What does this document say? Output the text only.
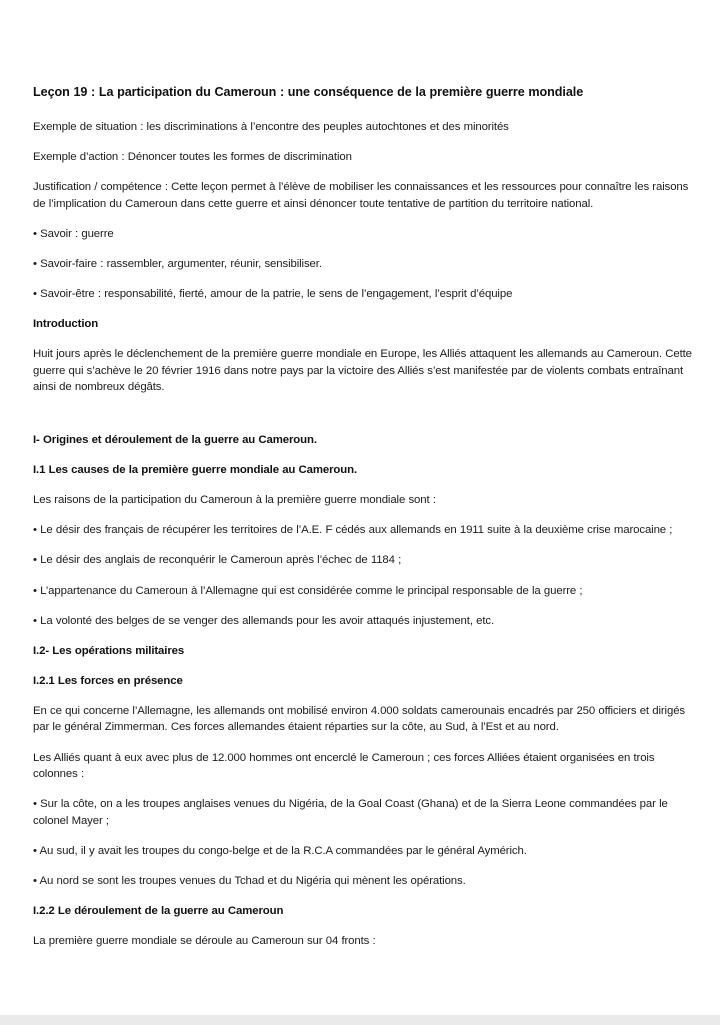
Leçon 19 : La participation du Cameroun : une conséquence de la première guerre mondiale

Exemple de situation : les discriminations à l’encontre des peuples autochtones et des minorités

Exemple d’action : Dénoncer toutes les formes de discrimination

Justification / compétence : Cette leçon permet à l’élève de mobiliser les connaissances et les ressources pour connaître les raisons de l’implication du Cameroun dans cette guerre et ainsi dénoncer toute tentative de partition du territoire national.

• Savoir : guerre

• Savoir-faire : rassembler, argumenter, réunir, sensibiliser.

• Savoir-être : responsabilité, fierté, amour de la patrie, le sens de l’engagement, l’esprit d’équipe

Introduction

Huit jours après le déclenchement de la première guerre mondiale en Europe, les Alliés attaquent les allemands au Cameroun. Cette guerre qui s’achève le 20 février 1916 dans notre pays par la victoire des Alliés s’est manifestée par de violents combats entraînant ainsi de nombreux dégâts.

I- Origines et déroulement de la guerre au Cameroun.

I.1 Les causes de la première guerre mondiale au Cameroun.

Les raisons de la participation du Cameroun à la première guerre mondiale sont :

• Le désir des français de récupérer les territoires de l’A.E. F cédés aux allemands en 1911 suite à la deuxième crise marocaine ;

• Le désir des anglais de reconquérir le Cameroun après l’échec de 1184 ;

• L’appartenance du Cameroun à l’Allemagne qui est considérée comme le principal responsable de la guerre ;

• La volonté des belges de se venger des allemands pour les avoir attaqués injustement, etc.

I.2- Les opérations militaires

I.2.1 Les forces en présence

En ce qui concerne l’Allemagne, les allemands ont mobilisé environ 4.000 soldats camerounais encadrés par 250 officiers et dirigés par le général Zimmerman. Ces forces allemandes étaient réparties sur la côte, au Sud, à l’Est et au nord.

Les Alliés quant à eux avec plus de 12.000 hommes ont encerclé le Cameroun ; ces forces Alliées étaient organisées en trois colonnes :

• Sur la côte, on a les troupes anglaises venues du Nigéria, de la Goal Coast (Ghana) et de la Sierra Leone commandées par le colonel Mayer ;

• Au sud, il y avait les troupes du congo-belge et de la R.C.A commandées par le général Aymérich.

• Au nord se sont les troupes venues du Tchad et du Nigéria qui mènent les opérations.

I.2.2 Le déroulement de la guerre au Cameroun

La première guerre mondiale se déroule au Cameroun sur 04 fronts :
